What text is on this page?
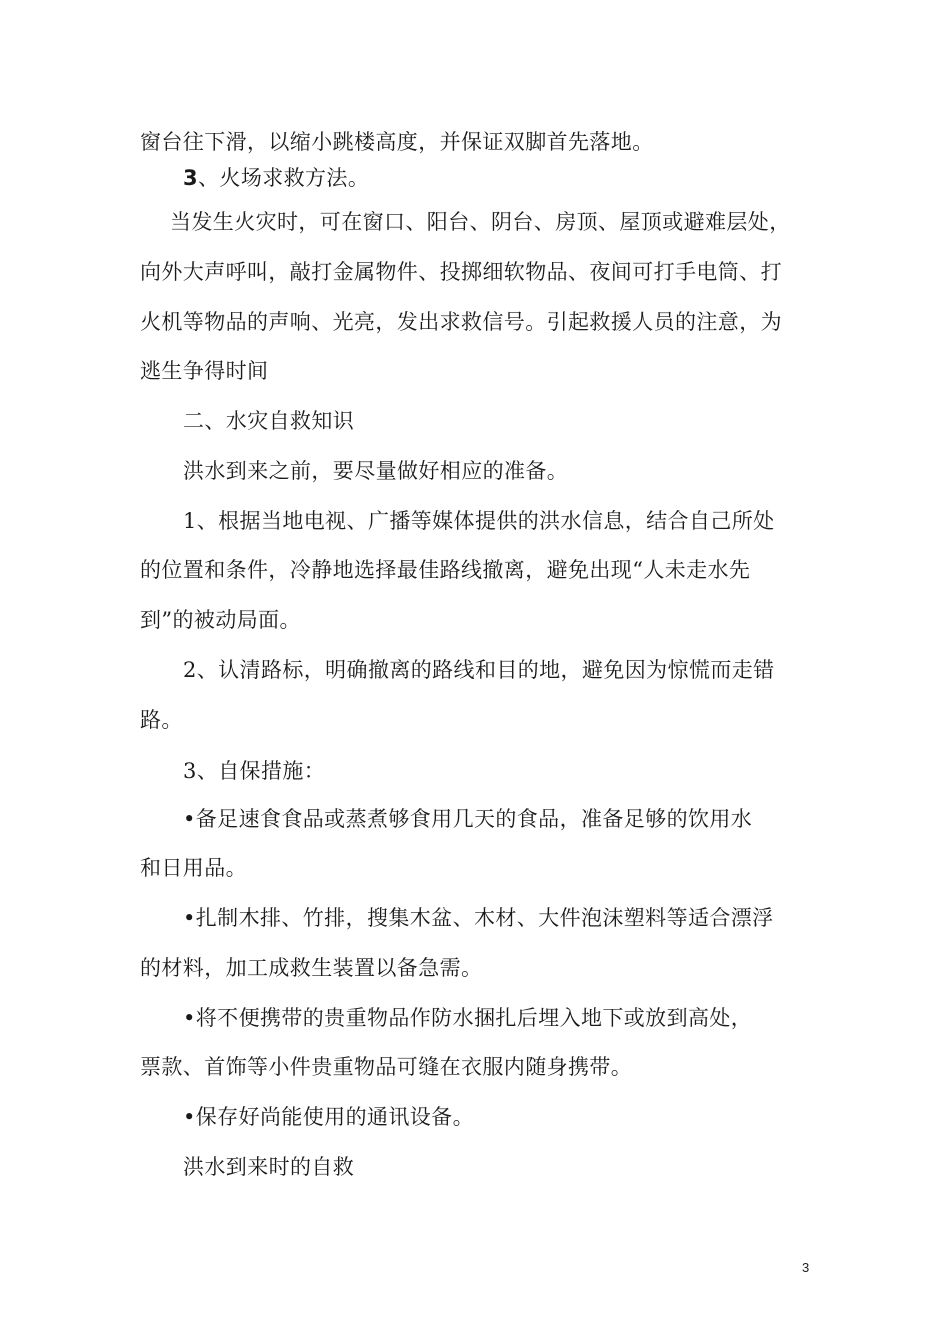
窗台往下滑，以缩小跳楼高度，并保证双脚首先落地。
3、火场求救方法。
当发生火灾时，可在窗口、阳台、阴台、房顶、屋顶或避难层处，
向外大声呼叫，敲打金属物件、投掷细软物品、夜间可打手电筒、打
火机等物品的声响、光亮，发出求救信号。引起救援人员的注意，为
逃生争得时间
二、水灾自救知识
洪水到来之前，要尽量做好相应的准备。
1、根据当地电视、广播等媒体提供的洪水信息，结合自己所处
的位置和条件，冷静地选择最佳路线撤离，避免出现“人未走水先
到”的被动局面。
2、认清路标，明确撤离的路线和目的地，避免因为惊慌而走错
路。
3、自保措施：
•备足速食食品或蒸煮够食用几天的食品，准备足够的饮用水
和日用品。
•扎制木排、竹排，搜集木盆、木材、大件泡沫塑料等适合漂浮
的材料，加工成救生装置以备急需。
•将不便携带的贵重物品作防水捆扎后埋入地下或放到高处，
票款、首饰等小件贵重物品可缝在衣服内随身携带。
•保存好尚能使用的通讯设备。
洪水到来时的自救
3
